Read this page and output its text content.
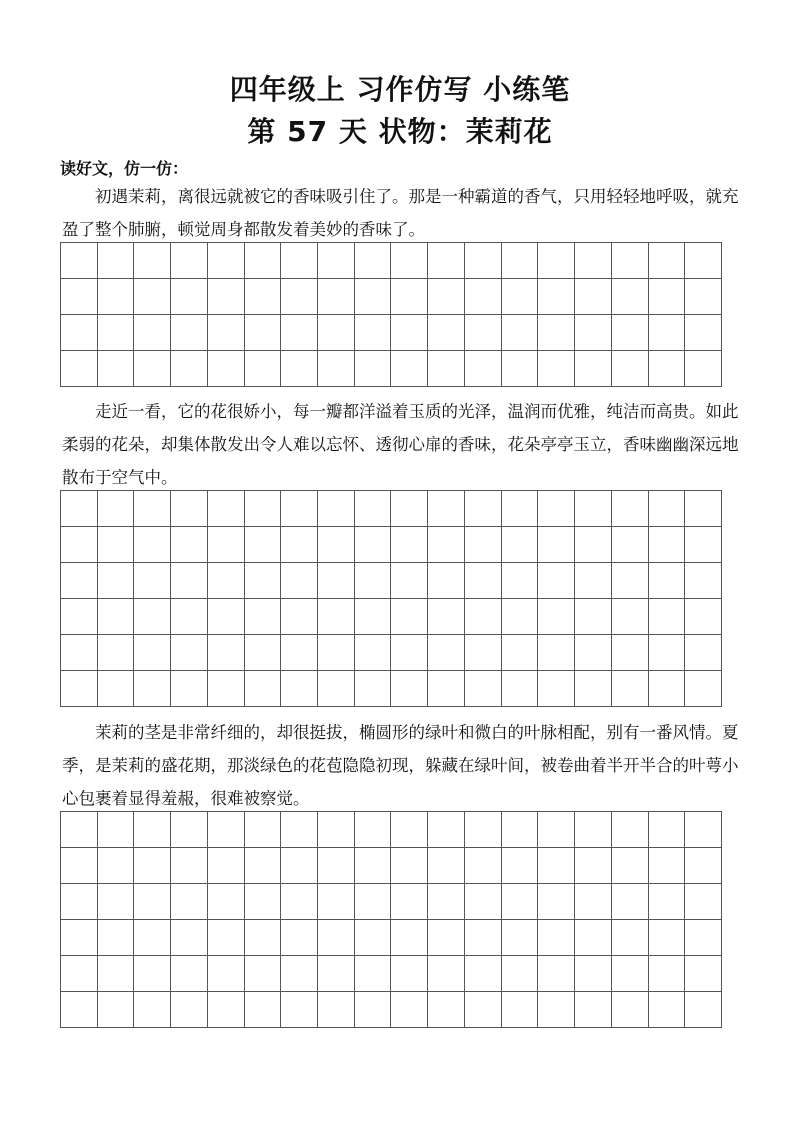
四年级上 习作仿写 小练笔
第 57 天 状物：茉莉花
读好文，仿一仿：

初遇茉莉，离很远就被它的香味吸引住了。那是一种霸道的香气，只用轻轻地呼吸，就充盈了整个肺腑，顿觉周身都散发着美妙的香味了。

走近一看，它的花很娇小，每一瓣都洋溢着玉质的光泽，温润而优雅，纯洁而高贵。如此柔弱的花朵，却集体散发出令人难以忘怀、透彻心扉的香味，花朵亭亭玉立，香味幽幽深远地散布于空气中。

茉莉的茎是非常纤细的，却很挺拔，椭圆形的绿叶和微白的叶脉相配，别有一番风情。夏季，是茉莉的盛花期，那淡绿色的花苞隐隐初现，躲藏在绿叶间，被卷曲着半开半合的叶萼小心包裹着显得羞赧，很难被察觉。
